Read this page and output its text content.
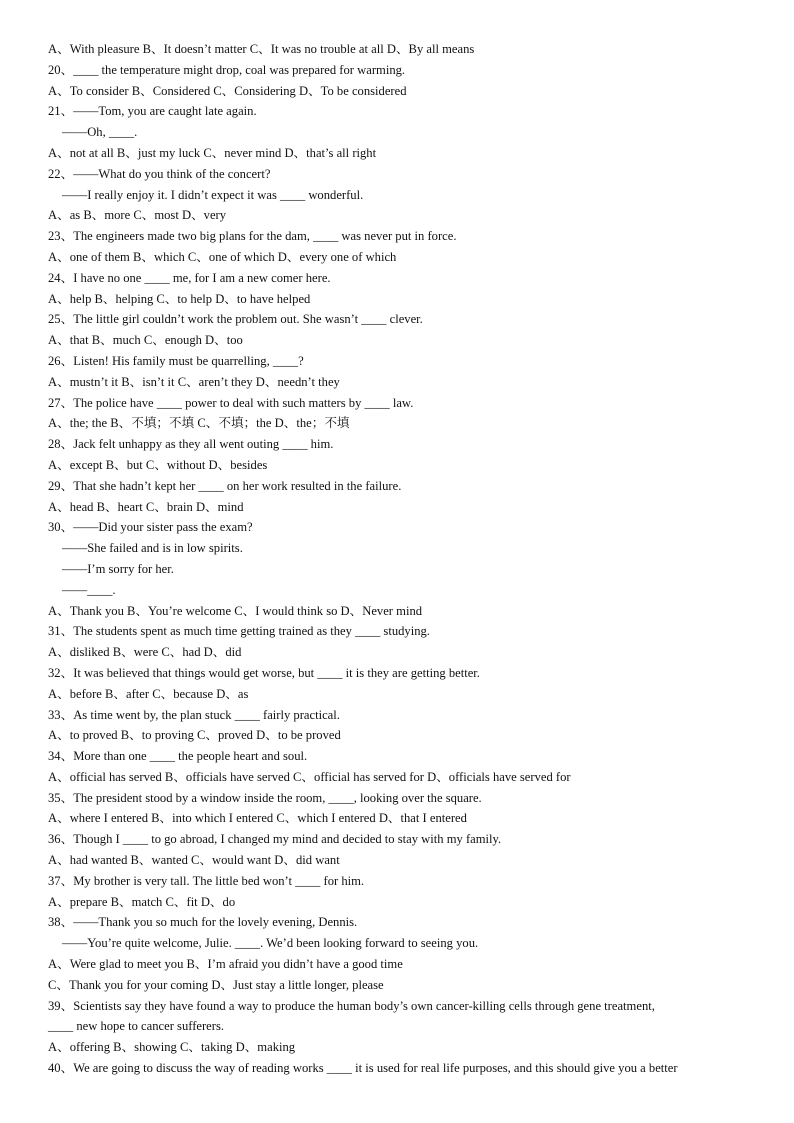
A、With pleasure B、It doesn’t matter C、It was no trouble at all D、By all means
20、____ the temperature might drop, coal was prepared for warming.
A、To consider B、Considered C、Considering D、To be considered
21、——Tom, you are caught late again.
——Oh, ____.
A、not at all B、just my luck C、never mind D、that’s all right
22、——What do you think of the concert?
——I really enjoy it. I didn’t expect it was ____ wonderful.
A、as B、more C、most D、very
23、The engineers made two big plans for the dam, ____ was never put in force.
A、one of them B、which C、one of which D、every one of which
24、I have no one ____ me, for I am a new comer here.
A、help B、helping C、to help D、to have helped
25、The little girl couldn’t work the problem out. She wasn’t ____ clever.
A、that B、much C、enough D、too
26、Listen! His family must be quarrelling, ____?
A、mustn’t it B、isn’t it C、aren’t they D、needn’t they
27、The police have ____ power to deal with such matters by ____ law.
A、the; the B、不填；不填 C、不填；the D、the；不填
28、Jack felt unhappy as they all went outing ____ him.
A、except B、but C、without D、besides
29、That she hadn’t kept her ____ on her work resulted in the failure.
A、head B、heart C、brain D、mind
30、——Did your sister pass the exam?
——She failed and is in low spirits.
——I’m sorry for her.
——____.
A、Thank you B、You’re welcome C、I would think so D、Never mind
31、The students spent as much time getting trained as they ____ studying.
A、disliked B、were C、had D、did
32、It was believed that things would get worse, but ____ it is they are getting better.
A、before B、after C、because D、as
33、As time went by, the plan stuck ____ fairly practical.
A、to proved B、to proving C、proved D、to be proved
34、More than one ____ the people heart and soul.
A、official has served B、officials have served C、official has served for D、officials have served for
35、The president stood by a window inside the room, ____, looking over the square.
A、where I entered B、into which I entered C、which I entered D、that I entered
36、Though I ____ to go abroad, I changed my mind and decided to stay with my family.
A、had wanted B、wanted C、would want D、did want
37、My brother is very tall. The little bed won’t ____ for him.
A、prepare B、match C、fit D、do
38、——Thank you so much for the lovely evening, Dennis.
——You’re quite welcome, Julie. ____. We’d been looking forward to seeing you.
A、Were glad to meet you B、I’m afraid you didn’t have a good time
C、Thank you for your coming D、Just stay a little longer, please
39、Scientists say they have found a way to produce the human body’s own cancer-killing cells through gene treatment,
____ new hope to cancer sufferers.
A、offering B、showing C、taking D、making
40、We are going to discuss the way of reading works ____ it is used for real life purposes, and this should give you a better
